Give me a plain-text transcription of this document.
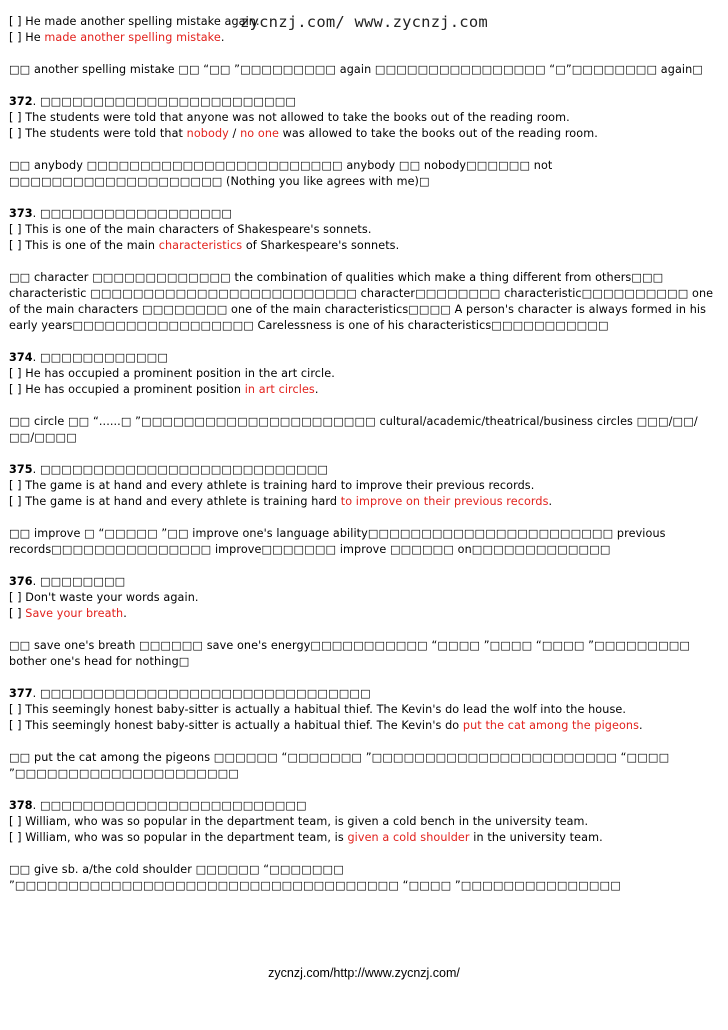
zycnzj.com/ www.zycnzj.com

[ ] He made another spelling mistake again.

[ ] He made another spelling mistake.

□□ another spelling mistake □□ “□□ ”□□□□□□□□□ again □□□□□□□□□□□□□□□□ “□”□□□□□□□□ again□

372. □□□□□□□□□□□□□□□□□□□□□□□□

[ ] The students were told that anyone was not allowed to take the books out of the reading room.

[ ] The students were told that nobody / no one was allowed to take the books out of the reading room.

□□ anybody □□□□□□□□□□□□□□□□□□□□□□□□ anybody □□ nobody□□□□□□ not □□□□□□□□□□□□□□□□□□□□ (Nothing you like agrees with me)□

373. □□□□□□□□□□□□□□□□□□

[ ] This is one of the main characters of Shakespeare's sonnets.

[ ] This is one of the main characteristics of Sharkespeare's sonnets.

□□ character □□□□□□□□□□□□□ the combination of qualities which make a thing different from others□□□ characteristic □□□□□□□□□□□□□□□□□□□□□□□□□ character□□□□□□□□ characteristic□□□□□□□□□□ one of the main characters □□□□□□□□ one of the main characteristics□□□□ A person's character is always formed in his early years□□□□□□□□□□□□□□□□□ Carelessness is one of his characteristics□□□□□□□□□□□

374. □□□□□□□□□□□□

[ ] He has occupied a prominent position in the art circle.

[ ] He has occupied a prominent position in art circles.

□□ circle □□ “......□ ”□□□□□□□□□□□□□□□□□□□□□□ cultural/academic/theatrical/business circles □□□/□□/□□/□□□□

375. □□□□□□□□□□□□□□□□□□□□□□□□□□□

[ ] The game is at hand and every athlete is training hard to improve their previous records.

[ ] The game is at hand and every athlete is training hard to improve on their previous records.

□□ improve □ “□□□□□ ”□□ improve one's language ability□□□□□□□□□□□□□□□□□□□□□□□ previous records□□□□□□□□□□□□□□□ improve□□□□□□□ improve □□□□□□ on□□□□□□□□□□□□□

376. □□□□□□□□

[ ] Don't waste your words again.

[ ] Save your breath.

□□ save one's breath □□□□□□ save one's energy□□□□□□□□□□□ “□□□□ ”□□□□ “□□□□ ”□□□□□□□□□ bother one's head for nothing□

377. □□□□□□□□□□□□□□□□□□□□□□□□□□□□□□□

[ ] This seemingly honest baby-sitter is actually a habitual thief. The Kevin's do lead the wolf into the house.

[ ] This seemingly honest baby-sitter is actually a habitual thief. The Kevin's do put the cat among the pigeons.

□□ put the cat among the pigeons □□□□□□ “□□□□□□□ ”□□□□□□□□□□□□□□□□□□□□□□□ “□□□□ ”□□□□□□□□□□□□□□□□□□□□□

378. □□□□□□□□□□□□□□□□□□□□□□□□□

[ ] William, who was so popular in the department team, is given a cold bench in the university team.

[ ] William, who was so popular in the department team, is given a cold shoulder in the university team.

□□ give sb. a/the cold shoulder □□□□□□ “□□□□□□□ ”□□□□□□□□□□□□□□□□□□□□□□□□□□□□□□□□□□□□ “□□□□ ”□□□□□□□□□□□□□□□

zycnzj.com/http://www.zycnzj.com/
